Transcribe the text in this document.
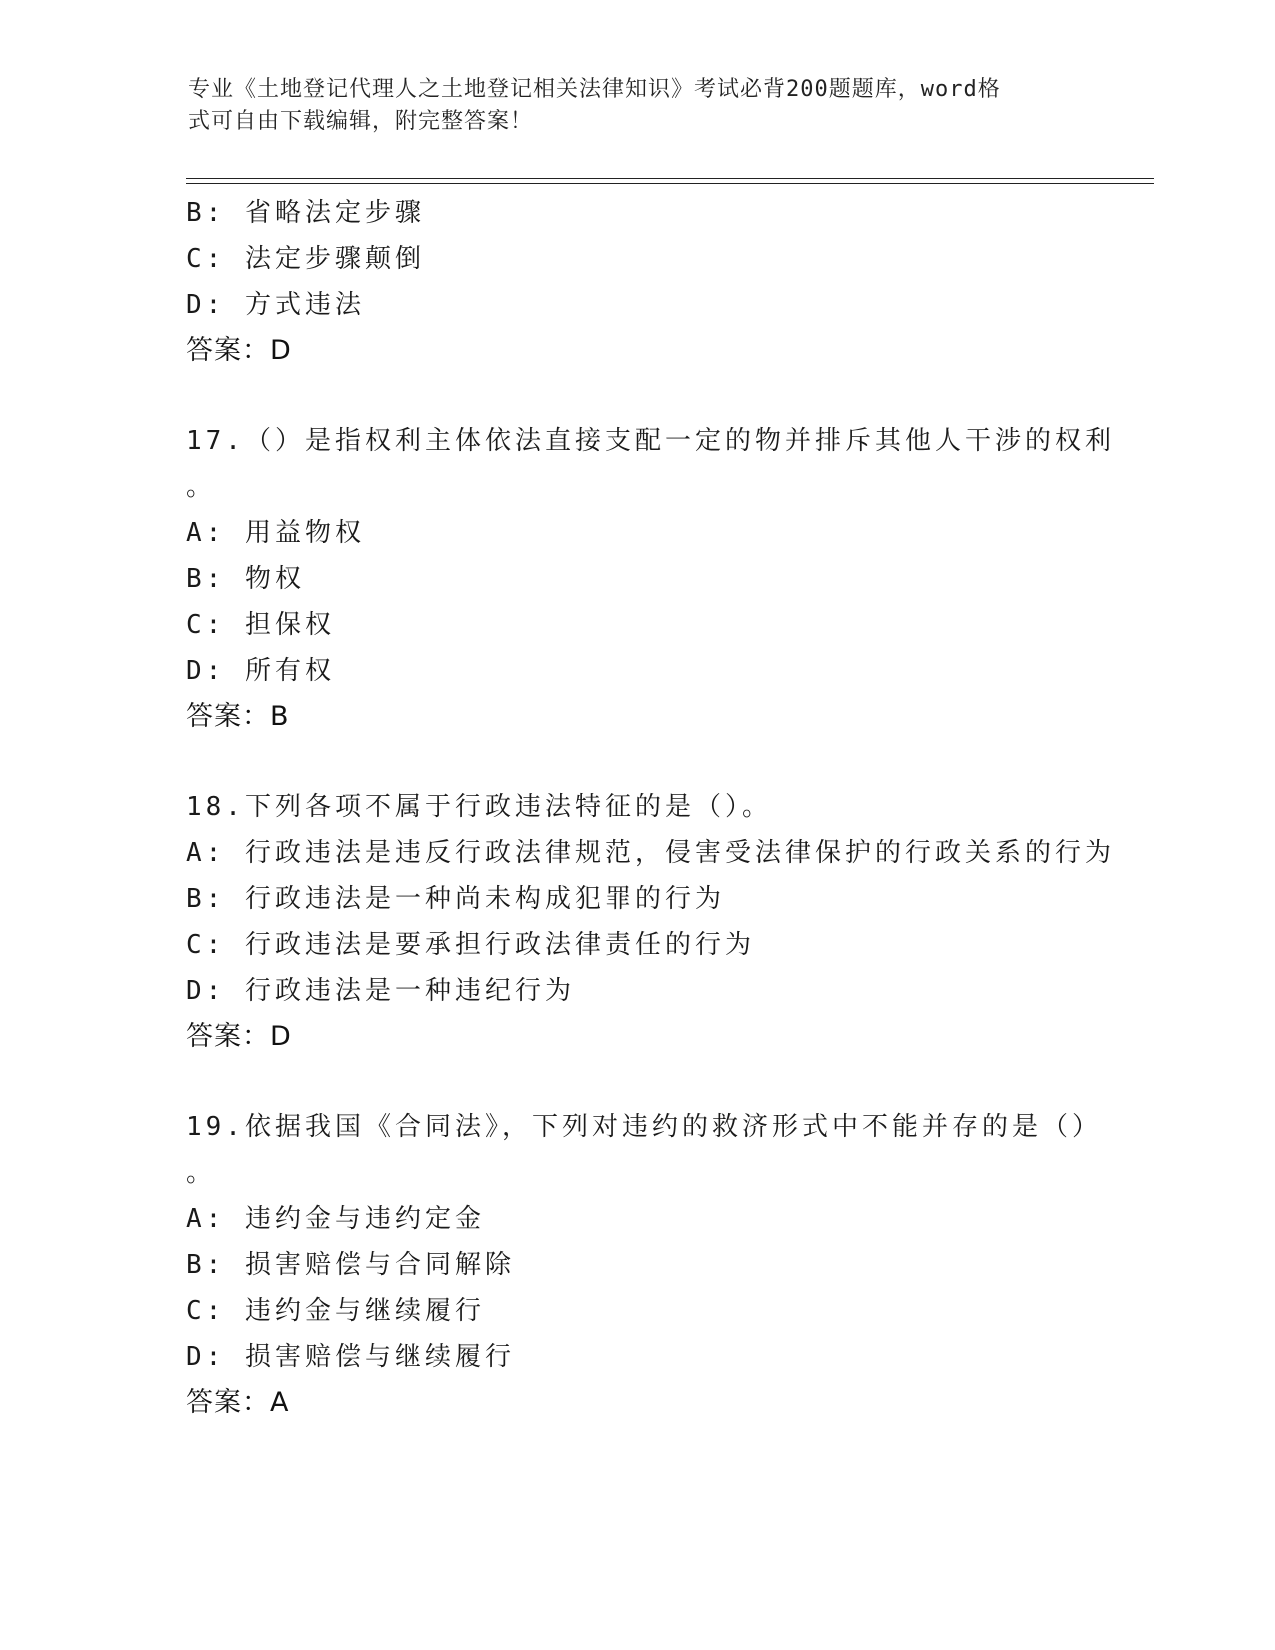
专业《土地登记代理人之土地登记相关法律知识》考试必背200题题库，word格
式可自由下载编辑，附完整答案！
B: 省略法定步骤
C: 法定步骤颠倒
D: 方式违法
答案：D
17.（）是指权利主体依法直接支配一定的物并排斥其他人干涉的权利
。
A: 用益物权
B: 物权
C: 担保权
D: 所有权
答案：B
18.下列各项不属于行政违法特征的是（）。
A: 行政违法是违反行政法律规范，侵害受法律保护的行政关系的行为
B: 行政违法是一种尚未构成犯罪的行为
C: 行政违法是要承担行政法律责任的行为
D: 行政违法是一种违纪行为
答案：D
19.依据我国《合同法》，下列对违约的救济形式中不能并存的是（）
。
A: 违约金与违约定金
B: 损害赔偿与合同解除
C: 违约金与继续履行
D: 损害赔偿与继续履行
答案：A
